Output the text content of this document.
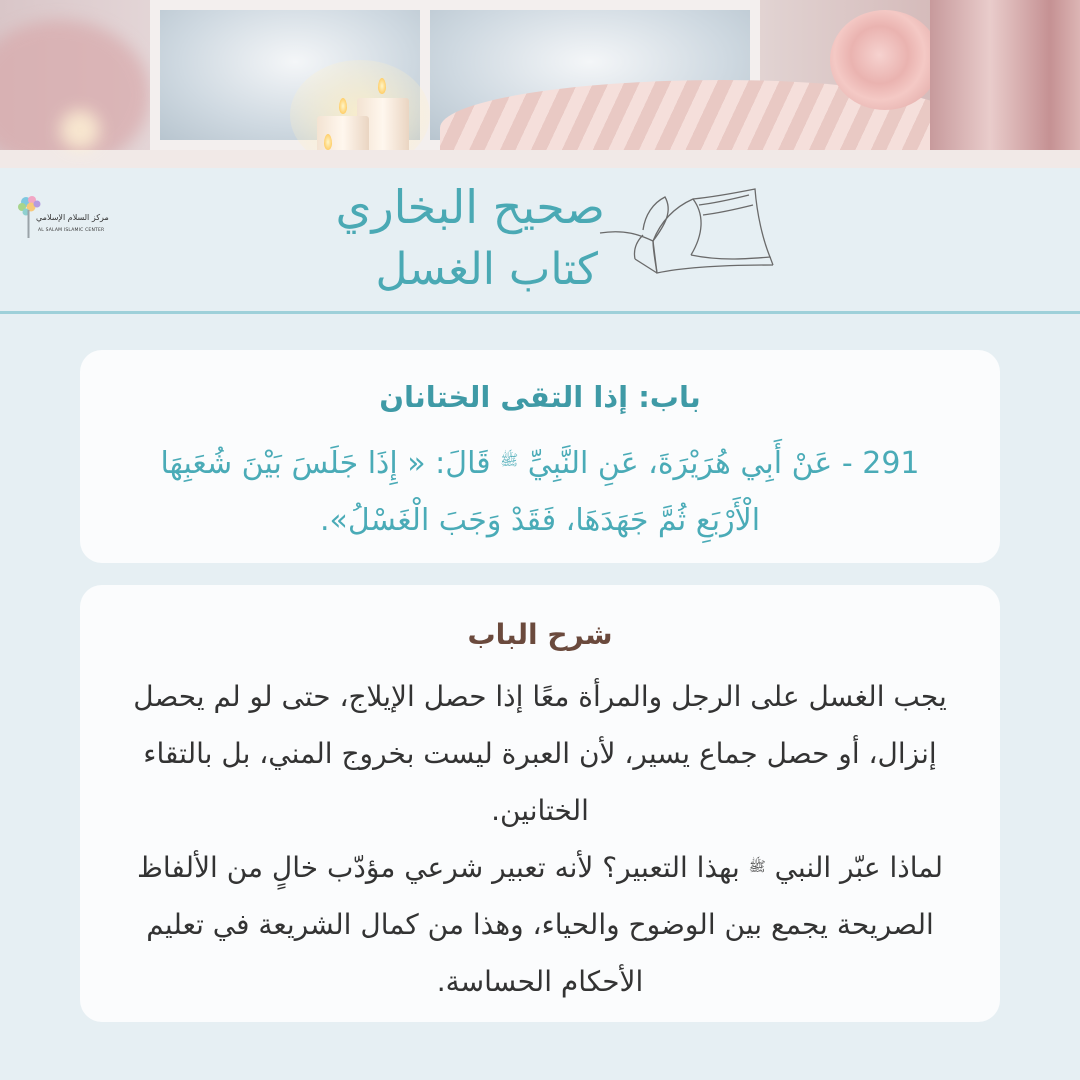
مركز السلام الإسلامي
AL SALAM ISLAMIC CENTER	صحيح البخاري
كتاب الغسل
باب: إذا التقى الختانان
291 - عَنْ أَبِي هُرَيْرَةَ، عَنِ النَّبِيِّ $^ﷺ$ قَالَ: « إِذَا جَلَسَ بَيْنَ شُعَبِهَا الْأَرْبَعِ ثُمَّ جَهَدَهَا، فَقَدْ وَجَبَ الْغَسْلُ».
شرح الباب
يجب الغسل على الرجل والمرأة معًا إذا حصل الإيلاج، حتى لو لم يحصل إنزال، أو حصل جماع يسير، لأن العبرة ليست بخروج المني، بل بالتقاء الختانين.
لماذا عبّر النبي $^ﷺ$ بهذا التعبير؟ لأنه تعبير شرعي مؤدّب خالٍ من الألفاظ الصريحة يجمع بين الوضوح والحياء، وهذا من كمال الشريعة في تعليم الأحكام الحساسة.
